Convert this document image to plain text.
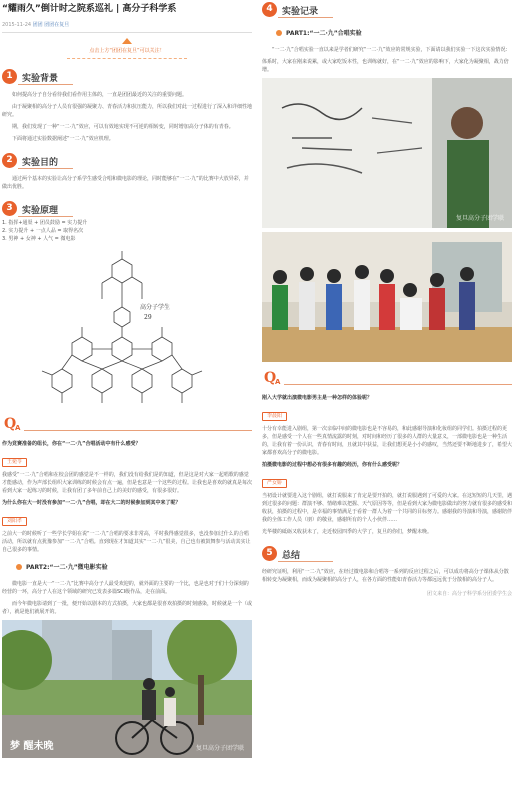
“耀雨久”倒计时之院系巡礼 | 高分子科学系
2015-11-24 团团 团团在复旦
点击上方“团团在复旦”可以关注！
1	实验背景
如何提高分子自分看待我们看作用主体的，一直是团团最近的关注的重要问题。
由于凝聚相的高分子人员有很强的凝聚力、青春活力和抗压能力，所以我们对此一过程进行了深入和详细性地研究。
期，我们发现了一种“一二·九”效应，可以有效地实现不可逆的相转变，同时增加高分子体的有青春。
下面将通过实验数据阐述“一二·九”效应机理。
2	实验目的
通过两个基本的实验让高分子系学生感受合唱和微电影的理论，同时能够在“一二·九”的比赛中大放异彩，并做出优胜。
3	实验原理
1. 指挥+通渠 + 团员鼓励 = 实力提升
2. 实力提升 + 一点人品 = 取得名次
3. 男神 + 女神 + 人气 = 微电影
高分子学生
29
Q
A
作为竞赛准备的组长，你在“一二·九”合唱活动中有什么感受？
王菀苓
我感受“一二·九”合唱和在校会团的感觉是不一样的，我们没有给我们是的知道，但是这是对大家一起唱歌的感觉才能感动，作为声部长组织大家训练的时候会有点一遍，但是也意是一个这些的过程。让我也是喜欢的就真是每次看到大家一起练习的时候，让我有团了多年前自己上的美好的感受，有很多很好。
为什么你在大一时没有参加“一二·九”合唱，却在大二的时候参加到其中来了呢？
刘阳孝
之前大一的时候听了一些学长学姐在说“一二·九”合唱的要求非常高，平时我得感觉很多，也没参加过什么的合唱活动，所以就有点犹豫参加“一二·九”合唱。直到现在才知道其实“一二·九”很美，自己也有被鼓舞参与活动其实让自己很多的事情。
PART2:“一二·九”微电影实验
微电影一直是大一“一二·九”比赛中高分子人最受欢迎的，就外面的主要的一个比，也是也对于们十分深刻的经营的一环，高分子人在这个领域的研究已发表多篇SCI级作品，走在前面。
而今年微电影请到了一批，便开始以剧本的方式拍摄，大家也都是很喜欢拍摄的时刻感染，时候就是一个（或者），就是他们就展开的。
梦 醒未晚	复旦高分子团学联
4	实验记录
PART1:“一二·九”合唱实验
“一二·九”合唱实验一直以来是学者们研究“一二·九”效应的常规实验，下面请以我们实验一下这次实验情况：
体系时，大家在刚来说累，或大家吃饭本性，也训练就好，在“一二·九”效应的影响下，大家化为凝聚相，战力倍增。
复旦高分子团学联
Q
A
刚入大学就出演微电影男主是一种怎样的体验呢？
李晨阳
十分有幸能进入剧组，第一次亲临中间的微电影也是不容易的，和此感谢导演和化妆组的同学们。拍摄过程的更多，但是感受一个人在一些真情流露的时刻，对时间和经历了很多的人群的大量意义，一部微电影也是一种生活的，让我有着一份认识，青春有时间，且就其中获益，让我们想更是小小的感叹，当然还要不断地进步了，希望大家都喜欢高分子的微电影。
拍摄微电影的过程中想必有很多有趣的经历，你有什么感受呢？
严女娇
当初设计就要进入这个剧组，就打说服来了肯定是要开拍的，就打说服遇到了可爱的大家。在这短短的几天里，遇到过很多的问题：群演不够、情绪难以把握、天气原因等等，但是看到大家为微电影做出的努力就有很多的感受和收获，拍摄的过程中，是幸福的事情满足于看着一群人为着一个共同的目标努力。感谢我的导演和导演，感谢陪伴我的全体工作人员（朋）的敬业，感谢所有的个人小伙伴……
光华楼的砥砺又收获未了，走近校园四季的大学了，复旦的你们，梦醒未晚。
5	总结
经研究证明，利用“一二·九”效应，在经过微电影和合唱等一系列的反应过程之后，可以成功将高分子课体从分散相转变为凝聚相，而成为凝聚相的高分子人，在各方面的性能如青春活力等都远远优于分散相的高分子人。
团文来自：高分子科学系分团委学生会
